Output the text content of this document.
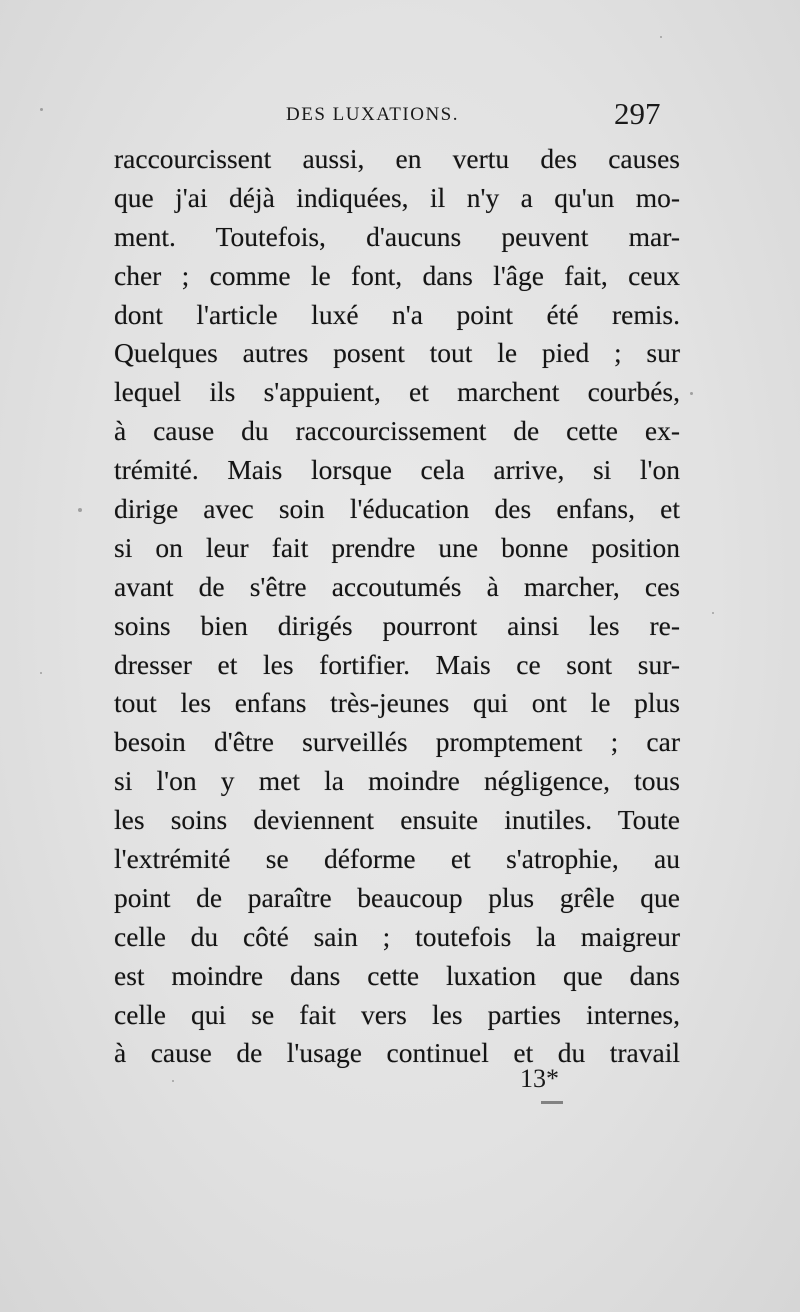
DES LUXATIONS.	297
raccourcissent aussi, en vertu des causes
que j'ai déjà indiquées, il n'y a qu'un mo-
ment. Toutefois, d'aucuns peuvent mar-
cher ; comme le font, dans l'âge fait, ceux
dont l'article luxé n'a point été remis.
Quelques autres posent tout le pied ; sur
lequel ils s'appuient, et marchent courbés,
à cause du raccourcissement de cette ex-
trémité. Mais lorsque cela arrive, si l'on
dirige avec soin l'éducation des enfans, et
si on leur fait prendre une bonne position
avant de s'être accoutumés à marcher, ces
soins bien dirigés pourront ainsi les re-
dresser et les fortifier. Mais ce sont sur-
tout les enfans très-jeunes qui ont le plus
besoin d'être surveillés promptement ; car
si l'on y met la moindre négligence, tous
les soins deviennent ensuite inutiles. Toute
l'extrémité se déforme et s'atrophie, au
point de paraître beaucoup plus grêle que
celle du côté sain ; toutefois la maigreur
est moindre dans cette luxation que dans
celle qui se fait vers les parties internes,
à cause de l'usage continuel et du travail
13*
